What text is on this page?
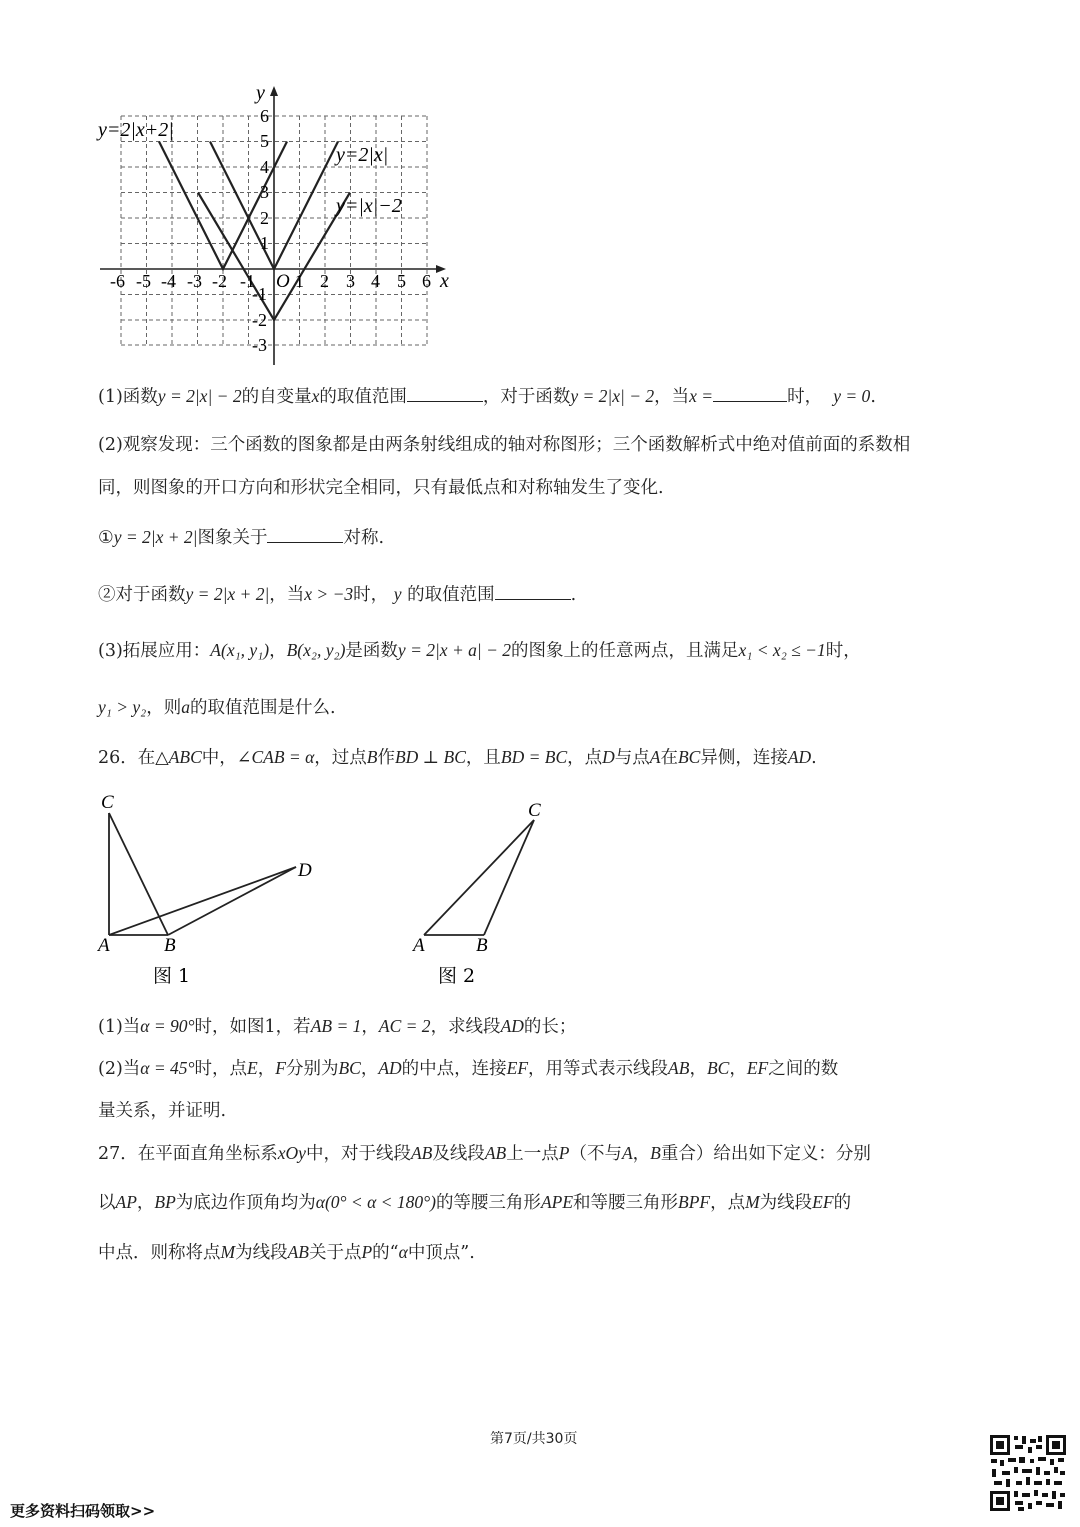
y
x
O
-6 -5 -4 -3 -2 -1 1 2 3 4 5 6
6
5
4
3
2
1
-1
-2
-3
y=2|x+2|
y=2|x|
y=|x|−2
(1)函数y = 2|x| − 2的自变量x的取值范围	，对于函数y = 2|x| − 2，当x =	时， y = 0.
(2)观察发现：三个函数的图象都是由两条射线组成的轴对称图形；三个函数解析式中绝对值前面的系数相
同，则图象的开口方向和形状完全相同，只有最低点和对称轴发生了变化.
①y = 2|x + 2|图象关于	对称.
②对于函数y = 2|x + 2|，当x > −3时， y 的取值范围	.
(3)拓展应用：A(x₁, y₁)，B(x₂, y₂)是函数y = 2|x + a| − 2的图象上的任意两点，且满足x₁ < x₂ ≤ −1时，
y₁ > y₂，则a的取值范围是什么.
26．在△ABC中，∠CAB = α，过点B作BD ⊥ BC，且BD = BC，点D与点A在BC异侧，连接AD.
C
D
A	B
图 1
C
A	B
图 2
(1)当α = 90°时，如图1，若AB = 1，AC = 2，求线段AD的长；
(2)当α = 45°时，点E，F分别为BC，AD的中点，连接EF，用等式表示线段AB，BC，EF之间的数
量关系，并证明.
27．在平面直角坐标系xOy中，对于线段AB及线段AB上一点P（不与A，B重合）给出如下定义：分别
以AP，BP为底边作顶角均为α(0° < α < 180°)的等腰三角形APE和等腰三角形BPF，点M为线段EF的
中点．则称将点M为线段AB关于点P的“α中顶点”.
第7页/共30页
更多资料扫码领取>>
